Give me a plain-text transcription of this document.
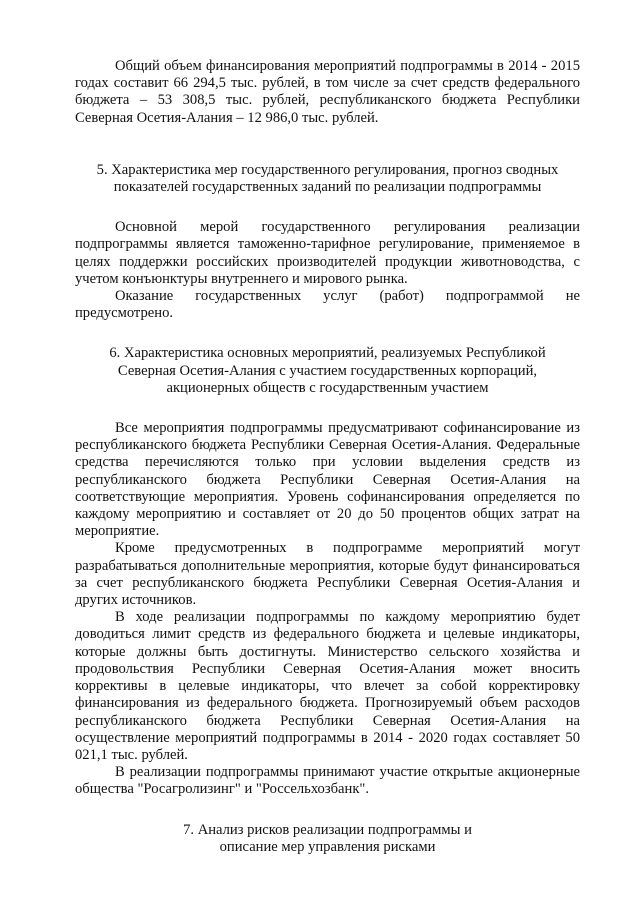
Общий объем финансирования мероприятий подпрограммы в 2014 - 2015 годах составит 66 294,5 тыс. рублей, в том числе за счет средств федерального бюджета – 53 308,5 тыс. рублей, республиканского бюджета Республики Северная Осетия-Алания – 12 986,0 тыс. рублей.

5. Характеристика мер государственного регулирования, прогноз сводных
показателей государственных заданий по реализации подпрограммы

Основной мерой государственного регулирования реализации подпрограммы является таможенно-тарифное регулирование, применяемое в целях поддержки российских производителей продукции животноводства, с учетом конъюнктуры внутреннего и мирового рынка.

Оказание государственных услуг (работ) подпрограммой не предусмотрено.

6. Характеристика основных мероприятий, реализуемых Республикой
Северная Осетия-Алания с участием государственных корпораций,
акционерных обществ с государственным участием

Все мероприятия подпрограммы предусматривают софинансирование из республиканского бюджета Республики Северная Осетия-Алания. Федеральные средства перечисляются только при условии выделения средств из республиканского бюджета Республики Северная Осетия-Алания на соответствующие мероприятия. Уровень софинансирования определяется по каждому мероприятию и составляет от 20 до 50 процентов общих затрат на мероприятие.

Кроме предусмотренных в подпрограмме мероприятий могут разрабатываться дополнительные мероприятия, которые будут финансироваться за счет республиканского бюджета Республики Северная Осетия-Алания и других источников.

В ходе реализации подпрограммы по каждому мероприятию будет доводиться лимит средств из федерального бюджета и целевые индикаторы, которые должны быть достигнуты. Министерство сельского хозяйства и продовольствия Республики Северная Осетия-Алания может вносить коррективы в целевые индикаторы, что влечет за собой корректировку финансирования из федерального бюджета. Прогнозируемый объем расходов республиканского бюджета Республики Северная Осетия-Алания на осуществление мероприятий подпрограммы в 2014 - 2020 годах составляет 50 021,1 тыс. рублей.

В реализации подпрограммы принимают участие открытые акционерные общества "Росагролизинг" и "Россельхозбанк".

7. Анализ рисков реализации подпрограммы и
описание мер управления рисками
